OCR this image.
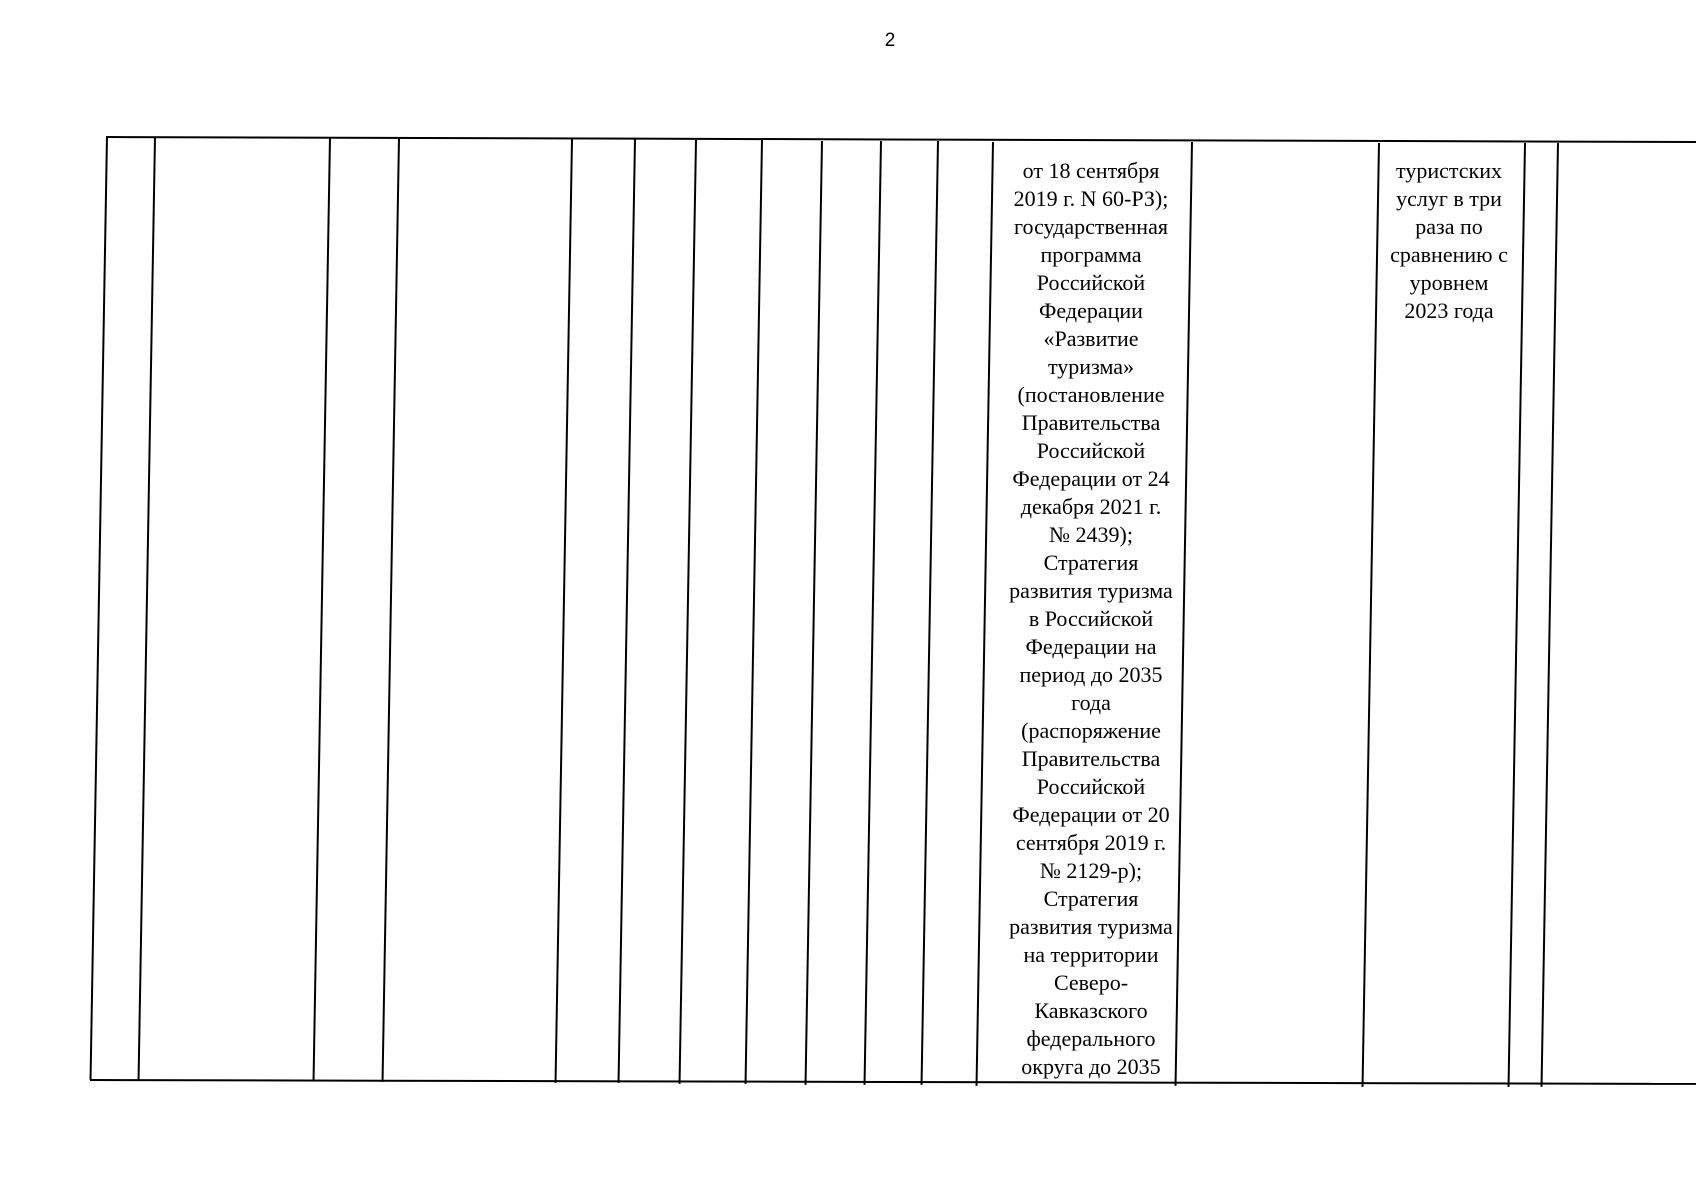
2
от 18 сентября
2019 г. N 60-РЗ);
государственная
программа
Российской
Федерации
«Развитие
туризма»
(постановление
Правительства
Российской
Федерации от 24
декабря 2021 г.
№ 2439);
Стратегия
развития туризма
в Российской
Федерации на
период до 2035
года
(распоряжение
Правительства
Российской
Федерации от 20
сентября 2019 г.
№ 2129-р);
Стратегия
развития туризма
на территории
Северо-
Кавказского
федерального
округа до 2035
туристских
услуг в три
раза по
сравнению с
уровнем
2023 года
